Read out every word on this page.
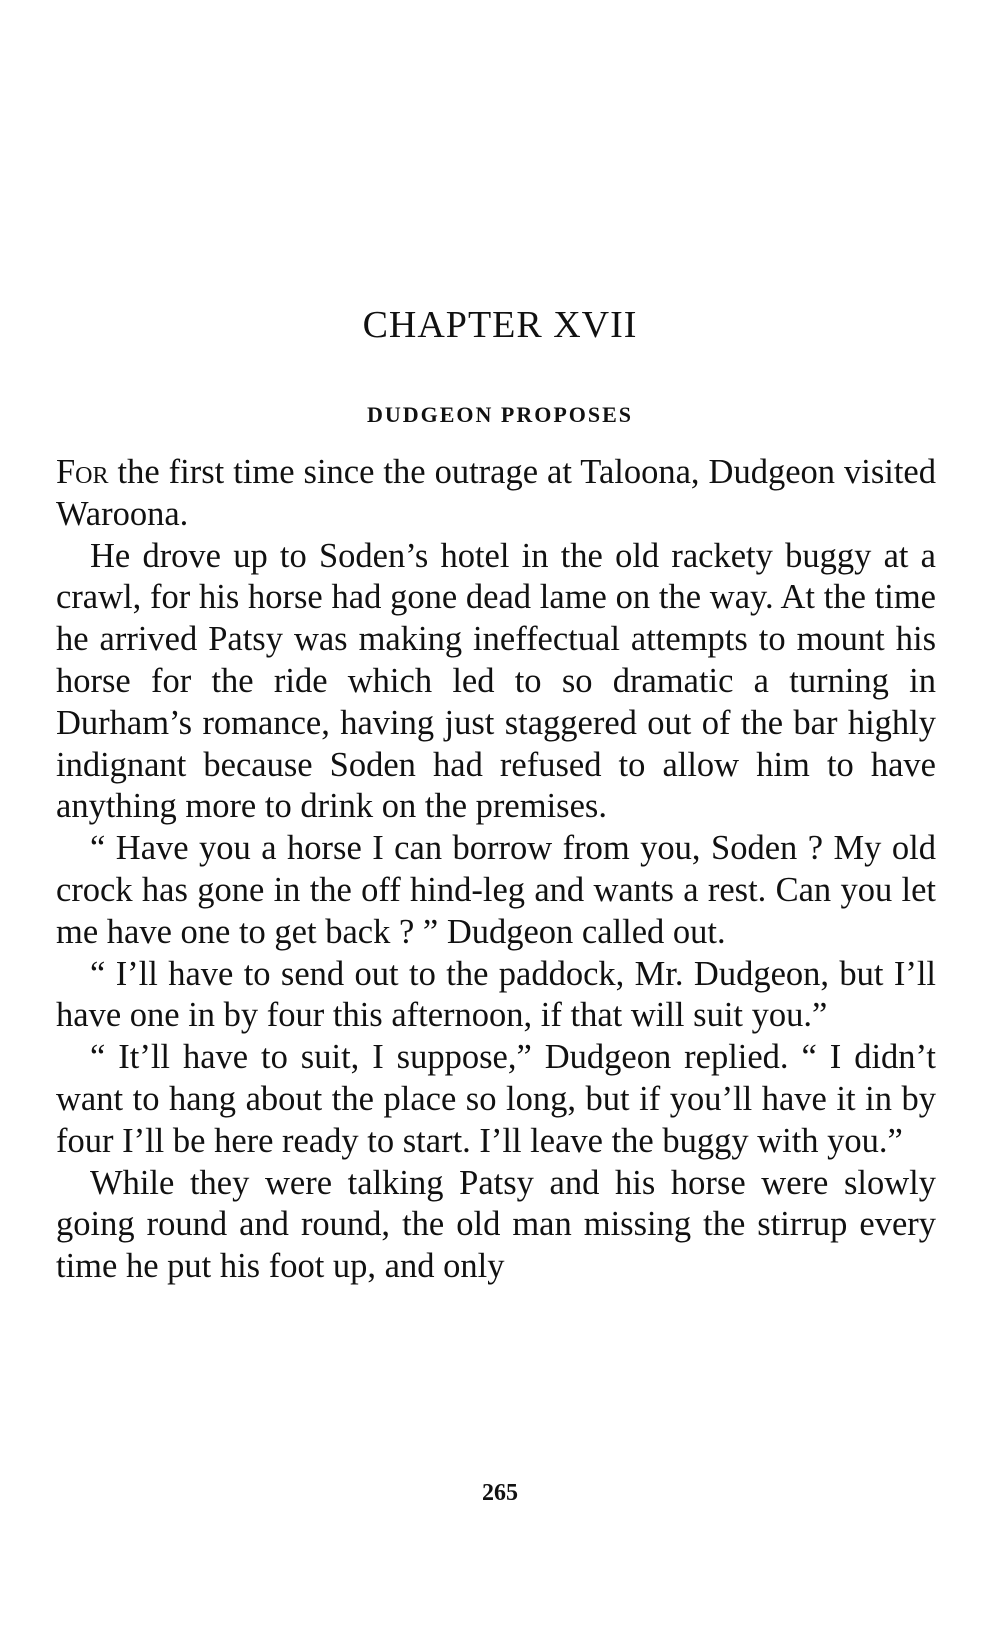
CHAPTER XVII
DUDGEON PROPOSES

For the first time since the outrage at Taloona, Dudgeon visited Waroona.

He drove up to Soden’s hotel in the old rackety buggy at a crawl, for his horse had gone dead lame on the way. At the time he arrived Patsy was making ineffectual attempts to mount his horse for the ride which led to so dramatic a turning in Durham’s romance, having just staggered out of the bar highly indignant because Soden had refused to allow him to have anything more to drink on the premises.

“ Have you a horse I can borrow from you, Soden ? My old crock has gone in the off hind-leg and wants a rest. Can you let me have one to get back ? ” Dudgeon called out.

“ I’ll have to send out to the paddock, Mr. Dudgeon, but I’ll have one in by four this afternoon, if that will suit you.”

“ It’ll have to suit, I suppose,” Dudgeon replied. “ I didn’t want to hang about the place so long, but if you’ll have it in by four I’ll be here ready to start. I’ll leave the buggy with you.”

While they were talking Patsy and his horse were slowly going round and round, the old man missing the stirrup every time he put his foot up, and only

265
